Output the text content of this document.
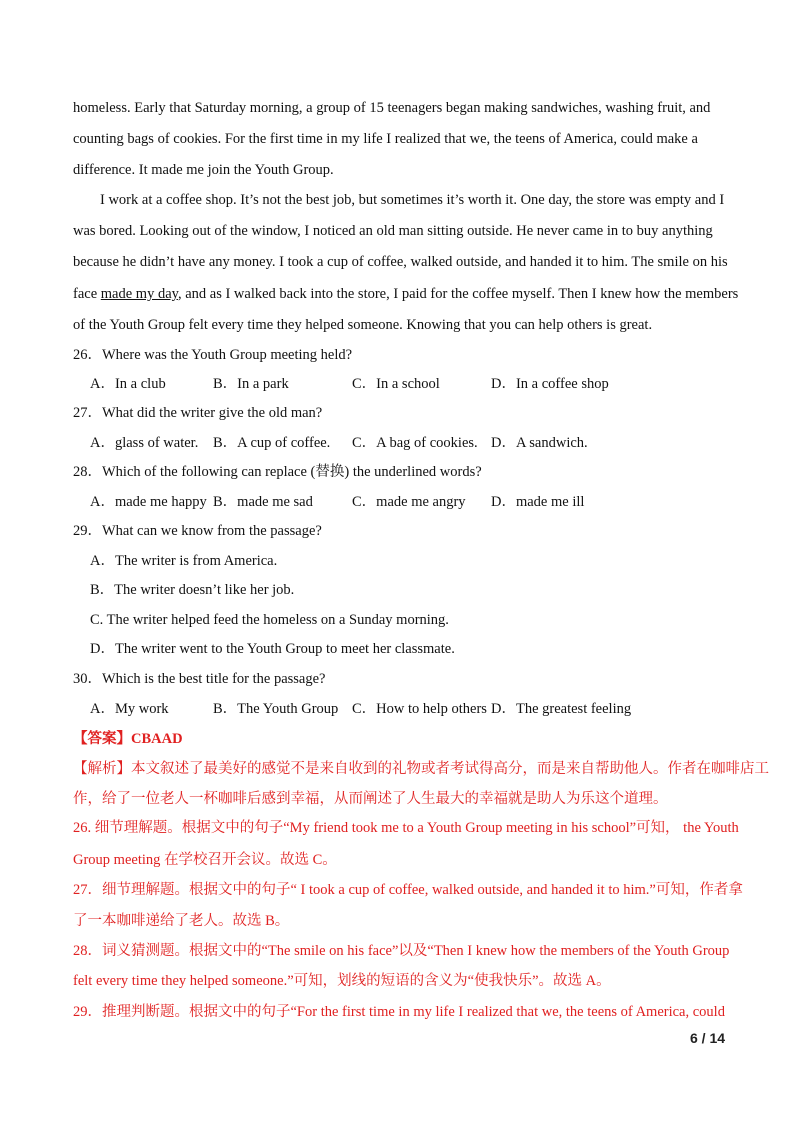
homeless. Early that Saturday morning, a group of 15 teenagers began making sandwiches, washing fruit, and
counting bags of cookies. For the first time in my life I realized that we, the teens of America, could make a
difference. It made me join the Youth Group.
I work at a coffee shop. It’s not the best job, but sometimes it’s worth it. One day, the store was empty and I
was bored. Looking out of the window, I noticed an old man sitting outside. He never came in to buy anything
because he didn’t have any money. I took a cup of coffee, walked outside, and handed it to him. The smile on his
face made my day, and as I walked back into the store, I paid for the coffee myself. Then I knew how the members
of the Youth Group felt every time they helped someone. Knowing that you can help others is great.
26．Where was the Youth Group meeting held?
A．In a club	B．In a park	C．In a school	D．In a coffee shop
27．What did the writer give the old man?
A．glass of water. B．A cup of coffee. C．A bag of cookies. D．A sandwich.
28．Which of the following can replace (替换) the underlined words?
A．made me happy B．made me sad	C．made me angry D．made me ill
29．What can we know from the passage?
A．The writer is from America.
B．The writer doesn’t like her job.
C. The writer helped feed the homeless on a Sunday morning.
D．The writer went to the Youth Group to meet her classmate.
30．Which is the best title for the passage?
A．My work	B．The Youth Group C．How to help others D．The greatest feeling
【答案】CBAAD
【解析】本文叙述了最美好的感觉不是来自收到的礼物或者考试得高分，而是来自帮助他人。作者在咖啡店工
作，给了一位老人一杯咖啡后感到幸福，从而阐述了人生最大的幸福就是助人为乐这个道理。
26. 细节理解题。根据文中的句子“My friend took me to a Youth Group meeting in his school”可知， the Youth
Group meeting 在学校召开会议。故选 C。
27．细节理解题。根据文中的句子“ I took a cup of coffee, walked outside, and handed it to him.”可知，作者拿
了一本咖啡递给了老人。故选 B。
28．词义猜测题。根据文中的“The smile on his face”以及“Then I knew how the members of the Youth Group
felt every time they helped someone.”可知，划线的短语的含义为“使我快乐”。故选 A。
29．推理判断题。根据文中的句子“For the first time in my life I realized that we, the teens of America, could
6 / 14
